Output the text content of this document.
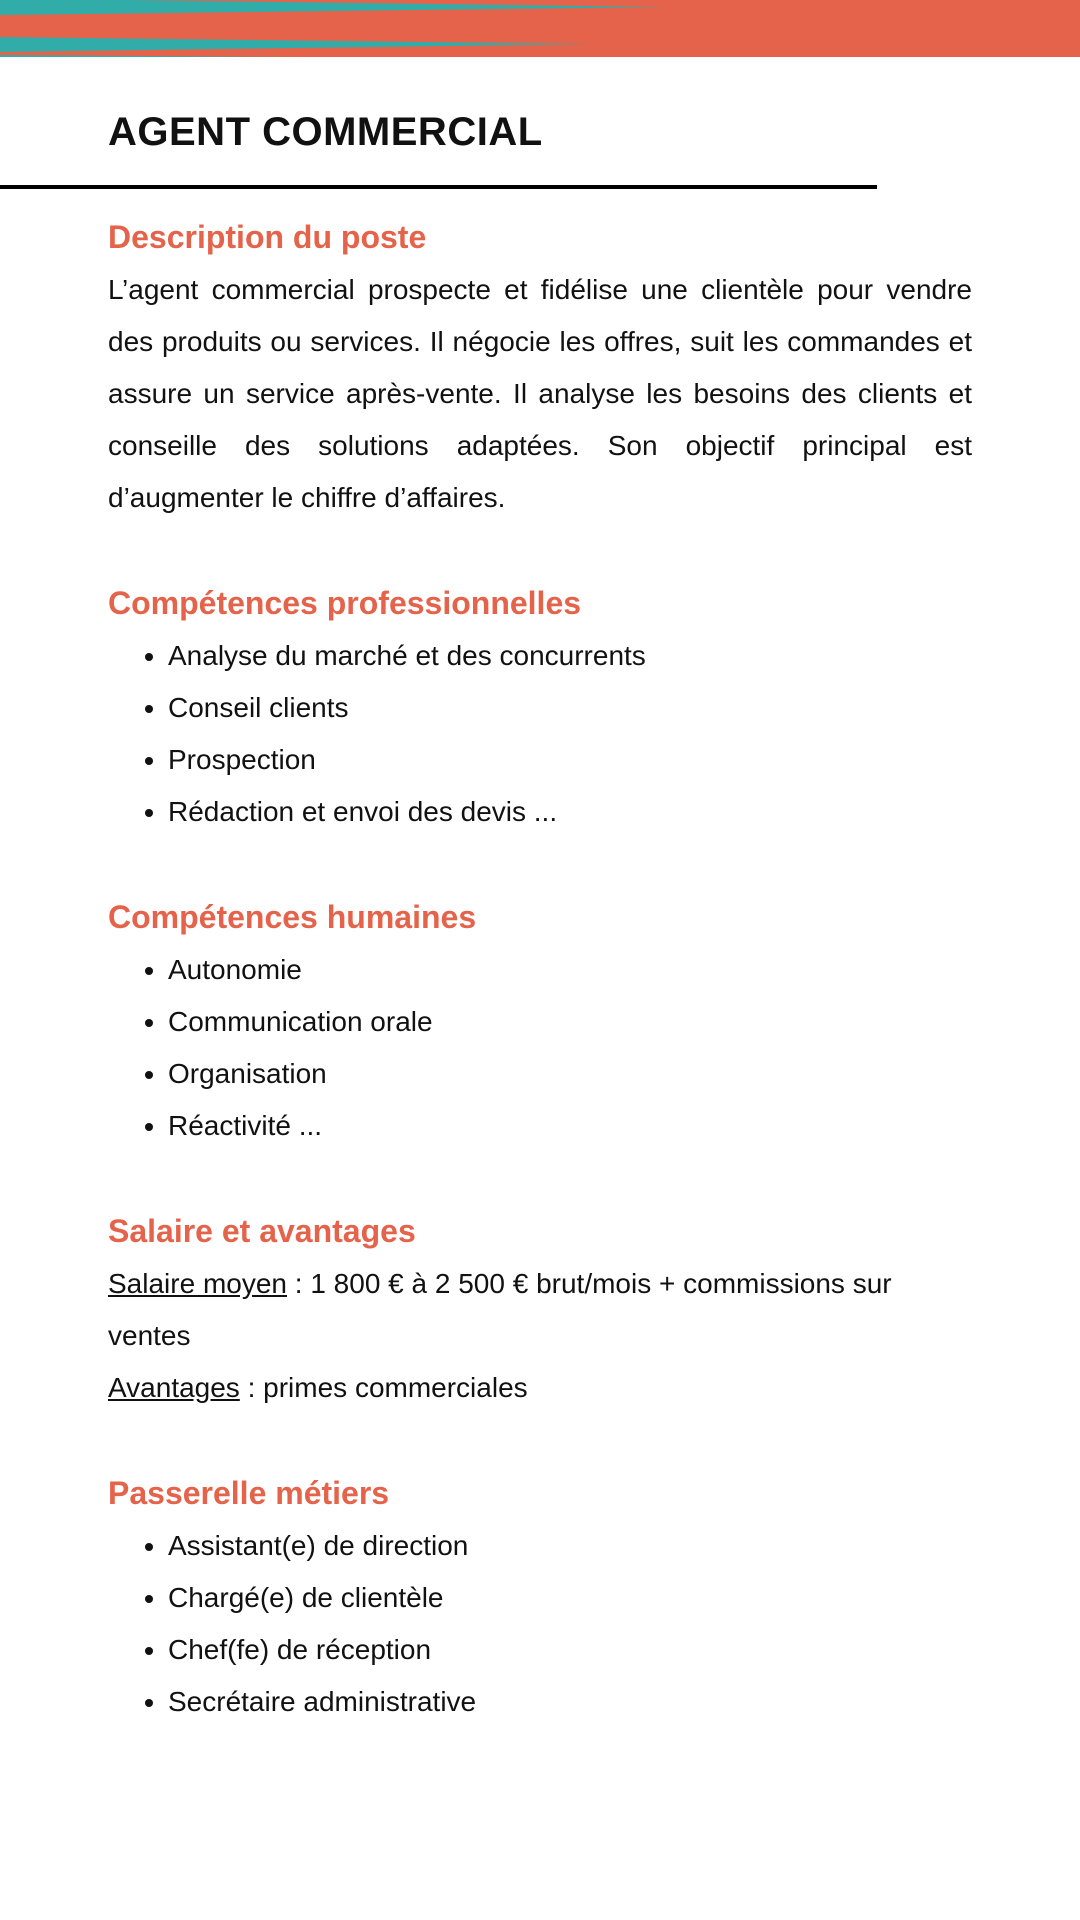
AGENT COMMERCIAL
Description du poste

L’agent commercial prospecte et fidélise une clientèle pour vendre des produits ou services. Il négocie les offres, suit les commandes et assure un service après-vente. Il analyse les besoins des clients et conseille des solutions adaptées. Son objectif principal est d’augmenter le chiffre d’affaires.

Compétences professionnelles
• Analyse du marché et des concurrents
• Conseil clients
• Prospection
• Rédaction et envoi des devis ...
Compétences humaines
• Autonomie
• Communication orale
• Organisation
• Réactivité ...
Salaire et avantages

Salaire moyen : 1 800 € à 2 500 € brut/mois + commissions sur ventes

Avantages : primes commerciales

Passerelle métiers
• Assistant(e) de direction
• Chargé(e) de clientèle
• Chef(fe) de réception
• Secrétaire administrative
